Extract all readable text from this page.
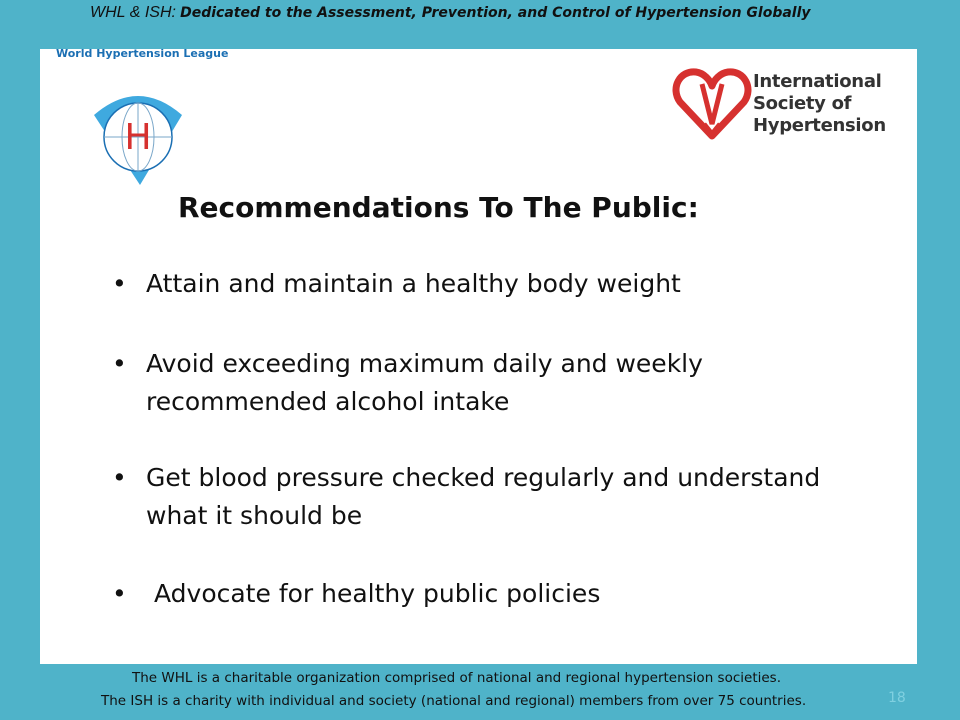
WHL & ISH: Dedicated to the Assessment, Prevention, and Control of Hypertension Globally
World Hypertension League
H
International
Society of
Hypertension
Recommendations To The Public:
• Attain and maintain a healthy body weight
• Avoid exceeding maximum daily and weekly recommended alcohol intake
• Get blood pressure checked regularly and understand what it should be
•	Advocate for healthy public policies
The WHL is a charitable organization comprised of national and regional hypertension societies.
The ISH is a charity with individual and society (national and regional) members from over 75 countries.	18
